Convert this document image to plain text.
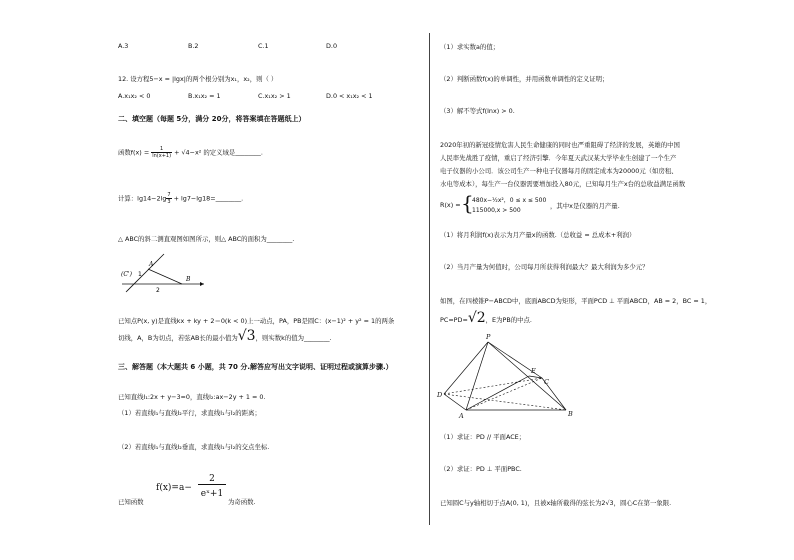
A.3	B.2	C.1	D.0
12. 设方程5−x = |lgx|的两个根分别为x₁，x₂，则（ ）
A.x₁x₂ < 0	B.x₁x₂ = 1	C.x₁x₂ > 1	D.0 < x₁x₂ < 1
二、填空题（每题 5分，满分 20分，将答案填在答题纸上）
函数$f(x) = \frac{1}{\ln(x+1)} + √4-x^2$ 的定义域是________.
计算：$\lg 14-2\lg \frac{7}{3}$ + lg7−lg18=________.
△ ABC的斜二测直观图如图所示，则△ ABC的面积为________.
(C')
A
B
1
2
已知点P(x, y)是直线kx + ky + 2＝0(k < 0)上一动点，PA，PB是圆C：(x−1)² + y² = 1的两条
切线，A，B为切点，若弦AB长的最小值为√3，则实数k的值为________.
三、解答题（本大题共 6 小题，共 70 分.解答应写出文字说明、证明过程或演算步骤.）
已知直线l₁:2x + y−3=0，直线l₂:ax−2y + 1 = 0.
（1）若直线l₁与直线l₂平行，求直线l₁与l₂的距离；
（2）若直线l₁与直线l₂垂直，求直线l₁与l₂的交点坐标.
已知函数
f(x)=a−
2
eˣ+1
为奇函数.
（1）求实数a的值；
（2）判断函数f(x)的单调性，并用函数单调性的定义证明；
（3）解不等式f(lnx) > 0.
2020年初的新冠疫情危害人民生命健康的同时也严重阻碍了经济的发展，英雄的中国
人民率先战胜了疫情，重启了经济引擎．今年夏天武汉某大学毕业生创建了一个生产
电子仪器的小公司．该公司生产一种电子仪器每月的固定成本为20000元（如房租、
水电等成本），每生产一台仪器需要增加投入80元，已知每月生产x台的总收益满足函数
R(x) = {
480x−½x²，0 ≤ x ≤ 500
115000,x > 500
，其中x是仪器的月产量.
（1）将月利润f(x)表示为月产量x的函数.（总收益 = 总成本+利润）
（2）当月产量为何值时，公司每月所获得利润最大？最大利润为多少元？
如图，在四棱锥P−ABCD中，底面ABCD为矩形，平面PCD ⊥ 平面ABCD，AB = 2，BC = 1，
PC=PD=√2，E为PB的中点.
P
D
A	B
C
E
（1）求证：PD // 平面ACE；
（2）求证：PD ⊥ 平面PBC.
已知圆C与y轴相切于点A(0, 1)，且被x轴所截得的弦长为2√3，圆心C在第一象限.
